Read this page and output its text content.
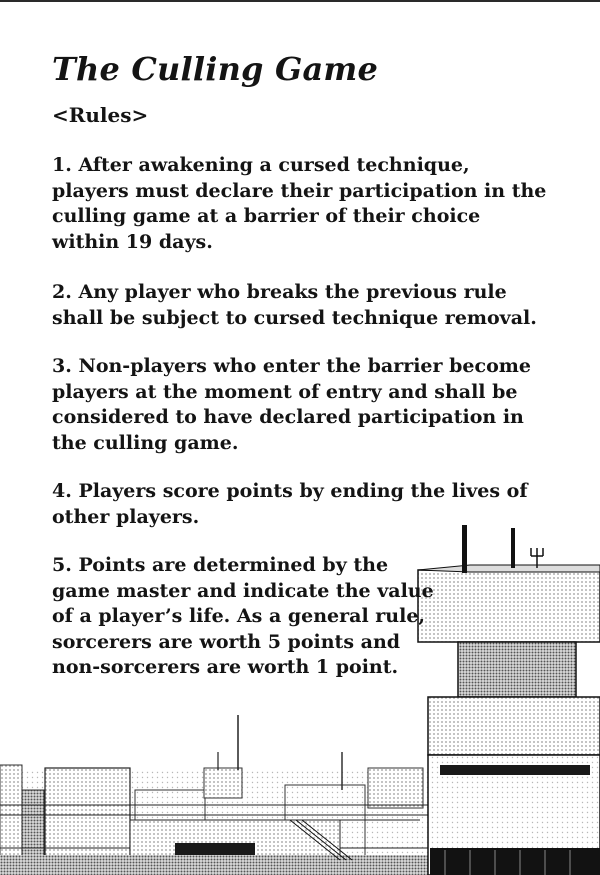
The Culling Game
<Rules>

1. After awakening a cursed technique, players must declare their participation in the culling game at a barrier of their choice within 19 days.

2. Any player who breaks the previous rule shall be subject to cursed technique removal.

3. Non-players who enter the barrier become players at the moment of entry and shall be considered to have declared participation in the culling game.

4. Players score points by ending the lives of other players.

5. Points are determined by the game master and indicate the value of a player’s life. As a general rule, sorcerers are worth 5 points and non-sorcerers are worth 1 point.
